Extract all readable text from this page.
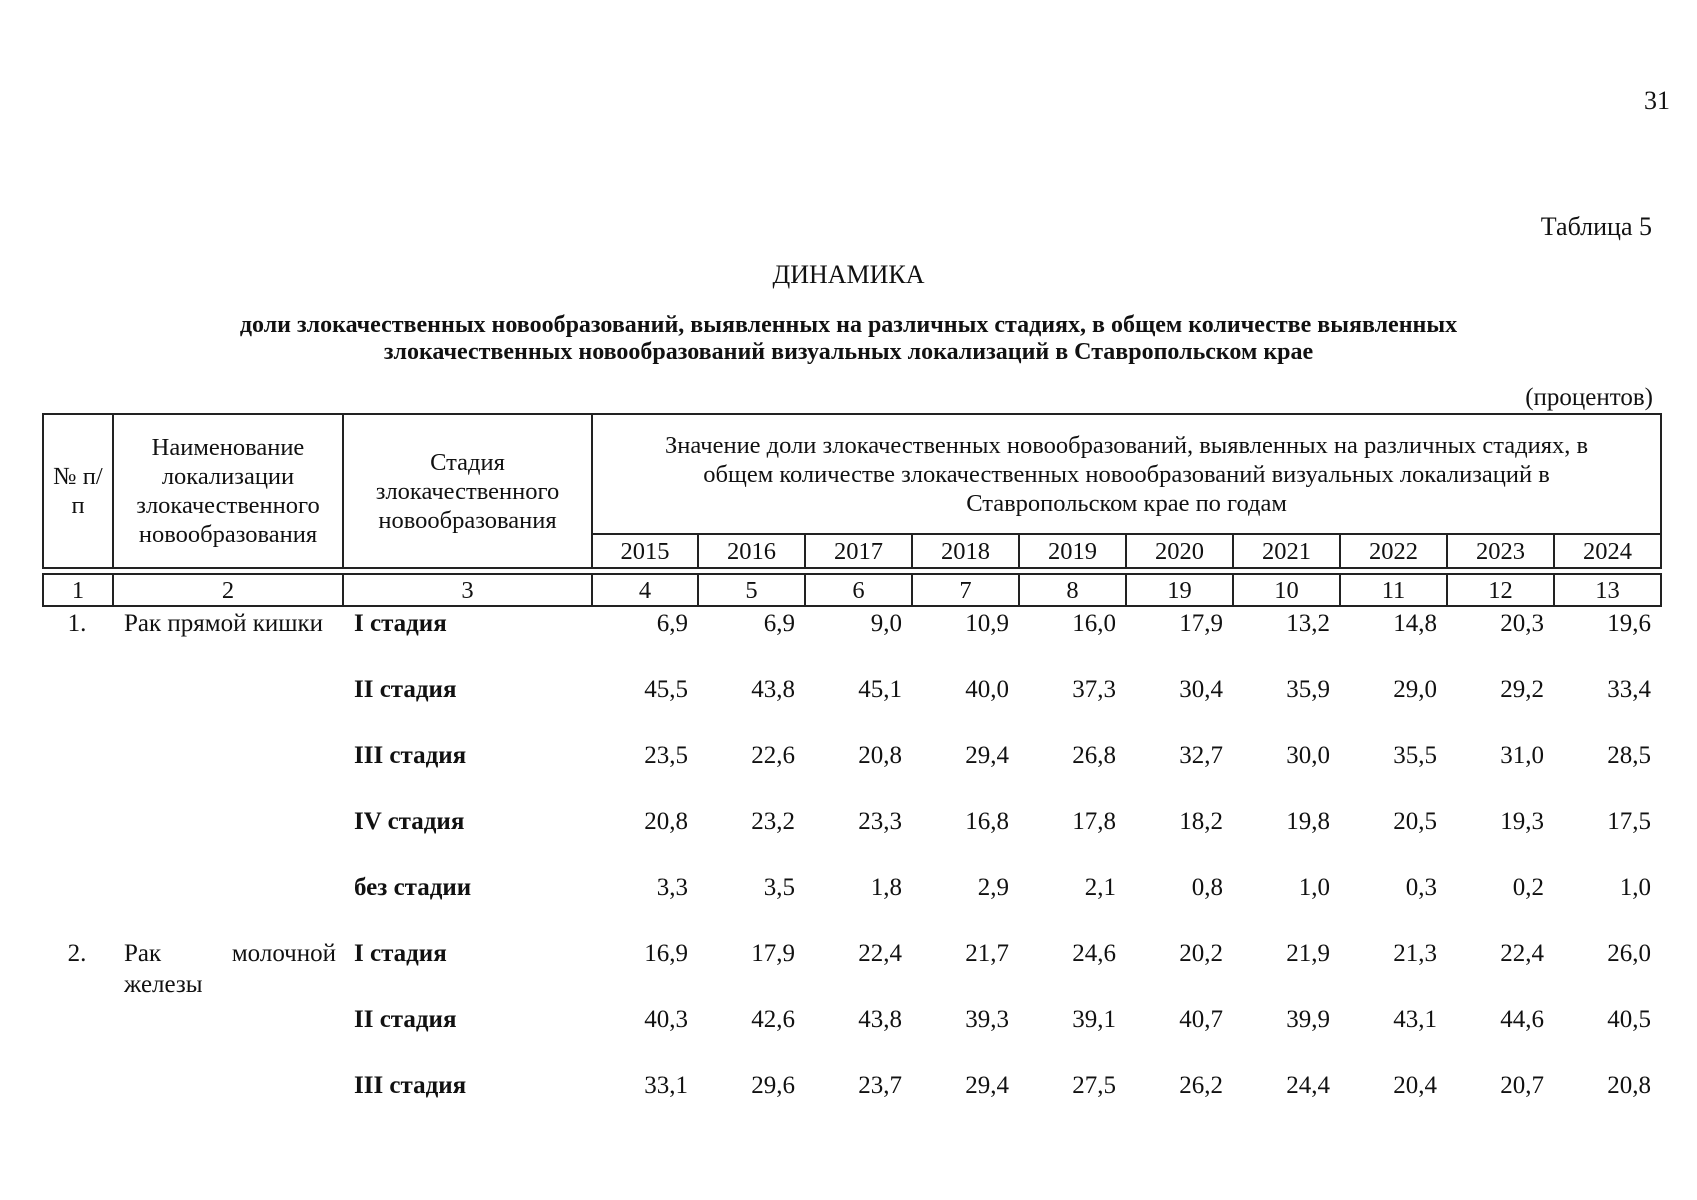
31
Таблица 5
ДИНАМИКА
доли злокачественных новообразований, выявленных на различных стадиях, в общем количестве выявленных
злокачественных новообразований визуальных локализаций в Ставропольском крае
(процентов)
№ п/п	Наименование локализации злокачественного новообразования	Стадия злокачественного новообразования	Значение доли злокачественных новообразований, выявленных на различных стадиях, в общем количестве злокачественных новообразований визуальных локализаций в Ставропольском крае по годам									
			2015	2016	2017	2018	2019	2020	2021	2022	2023	2024

1	2	3	4	5	6	7	8	19	10	11	12	13
1.	Рак прямой кишки	I стадия	6,9	6,9	9,0	10,9	16,0	17,9	13,2	14,8	20,3	19,6
		II стадия	45,5	43,8	45,1	40,0	37,3	30,4	35,9	29,0	29,2	33,4
		III стадия	23,5	22,6	20,8	29,4	26,8	32,7	30,0	35,5	31,0	28,5
		IV стадия	20,8	23,2	23,3	16,8	17,8	18,2	19,8	20,5	19,3	17,5
		без стадии	3,3	3,5	1,8	2,9	2,1	0,8	1,0	0,3	0,2	1,0
2.	Рак молочной железы	I стадия	16,9	17,9	22,4	21,7	24,6	20,2	21,9	21,3	22,4	26,0
		II стадия	40,3	42,6	43,8	39,3	39,1	40,7	39,9	43,1	44,6	40,5
		III стадия	33,1	29,6	23,7	29,4	27,5	26,2	24,4	20,4	20,7	20,8
